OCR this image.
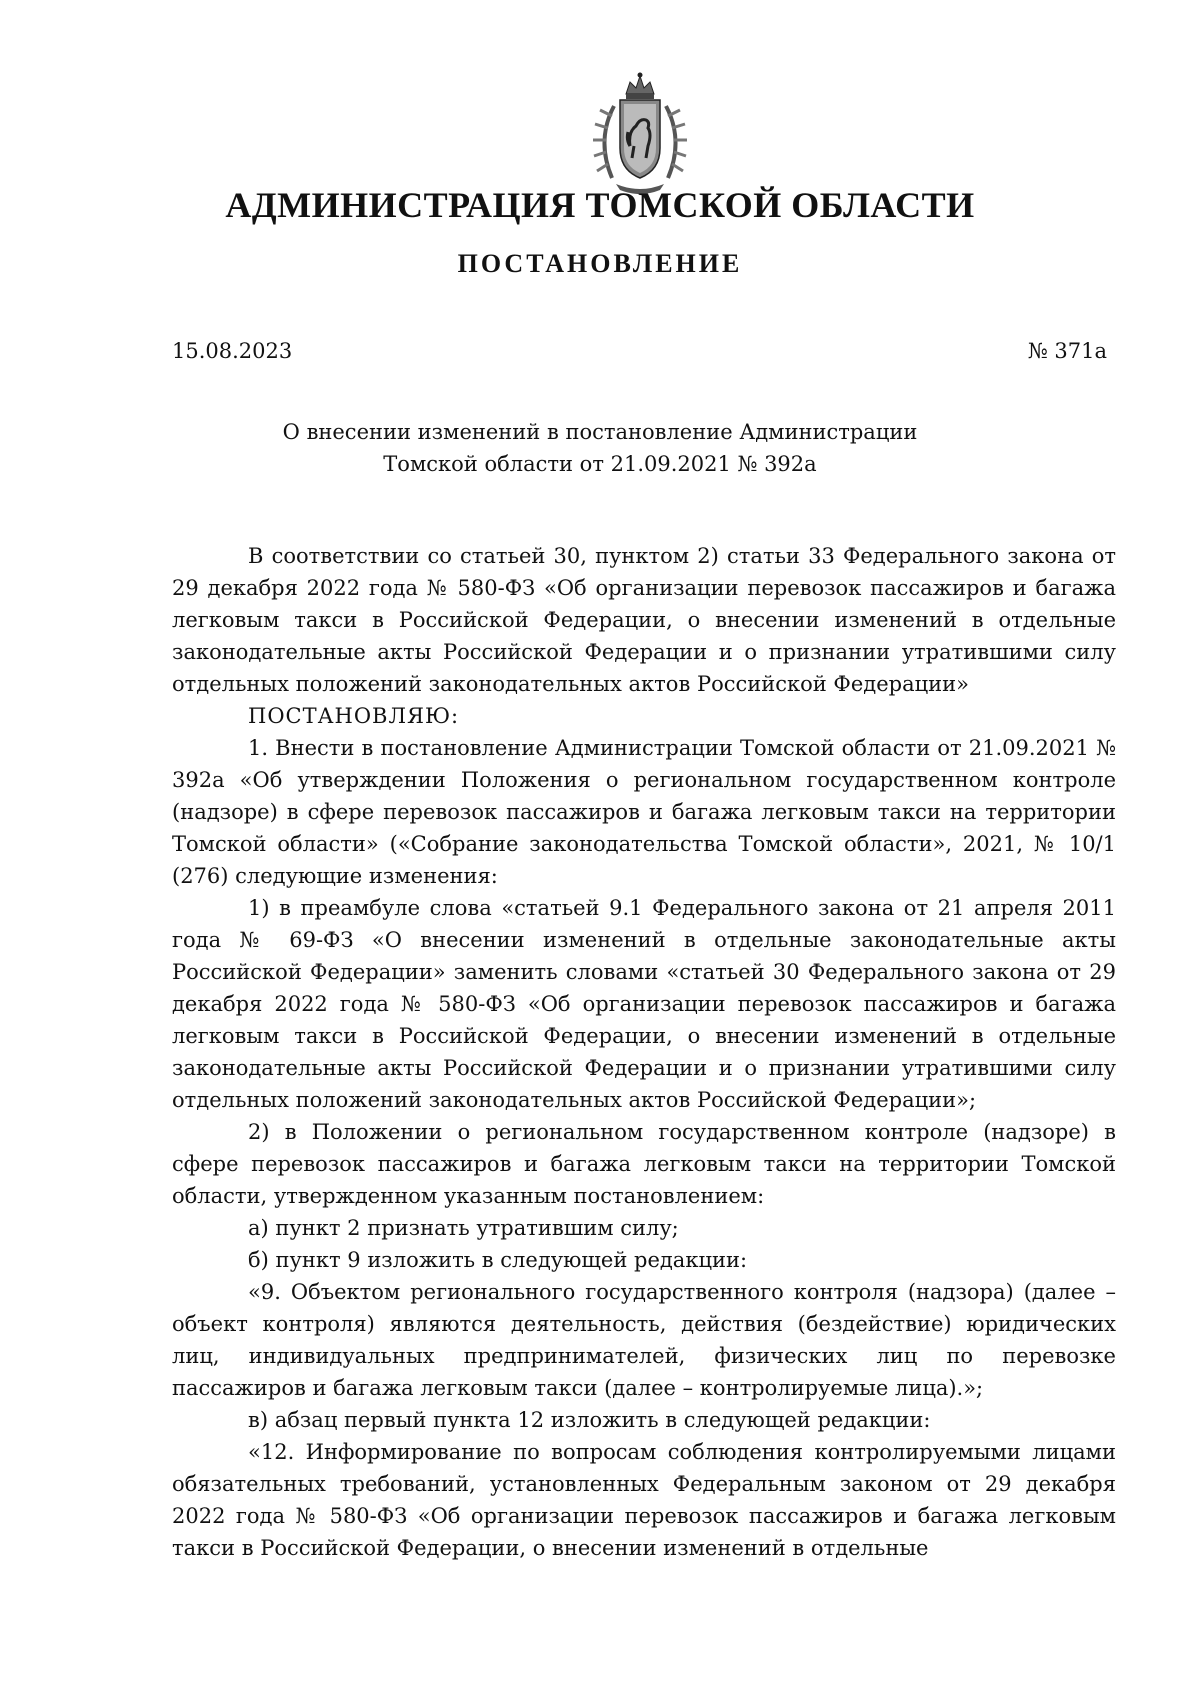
АДМИНИСТРАЦИЯ ТОМСКОЙ ОБЛАСТИ
ПОСТАНОВЛЕНИЕ
15.08.2023	№ 371а
О внесении изменений в постановление Администрации
Томской области от 21.09.2021 № 392а

В соответствии со статьей 30, пунктом 2) статьи 33 Федерального закона от 29 декабря 2022 года № 580-ФЗ «Об организации перевозок пассажиров и багажа легковым такси в Российской Федерации, о внесении изменений в отдельные законодательные акты Российской Федерации и о признании утратившими силу отдельных положений законодательных актов Российской Федерации»

ПОСТАНОВЛЯЮ:

1. Внести в постановление Администрации Томской области от 21.09.2021 № 392а «Об утверждении Положения о региональном государственном контроле (надзоре) в сфере перевозок пассажиров и багажа легковым такси на территории Томской области» («Собрание законодательства Томской области», 2021, № 10/1 (276) следующие изменения:

1) в преамбуле слова «статьей 9.1 Федерального закона от 21 апреля 2011 года № 69-ФЗ «О внесении изменений в отдельные законодательные акты Российской Федерации» заменить словами «статьей 30 Федерального закона от 29 декабря 2022 года № 580-ФЗ «Об организации перевозок пассажиров и багажа легковым такси в Российской Федерации, о внесении изменений в отдельные законодательные акты Российской Федерации и о признании утратившими силу отдельных положений законодательных актов Российской Федерации»;

2) в Положении о региональном государственном контроле (надзоре) в сфере перевозок пассажиров и багажа легковым такси на территории Томской области, утвержденном указанным постановлением:

а) пункт 2 признать утратившим силу;

б) пункт 9 изложить в следующей редакции:

«9. Объектом регионального государственного контроля (надзора) (далее – объект контроля) являются деятельность, действия (бездействие) юридических лиц, индивидуальных предпринимателей, физических лиц по перевозке пассажиров и багажа легковым такси (далее – контролируемые лица).»;

в) абзац первый пункта 12 изложить в следующей редакции:

«12. Информирование по вопросам соблюдения контролируемыми лицами обязательных требований, установленных Федеральным законом от 29 декабря 2022 года № 580-ФЗ «Об организации перевозок пассажиров и багажа легковым такси в Российской Федерации, о внесении изменений в отдельные
